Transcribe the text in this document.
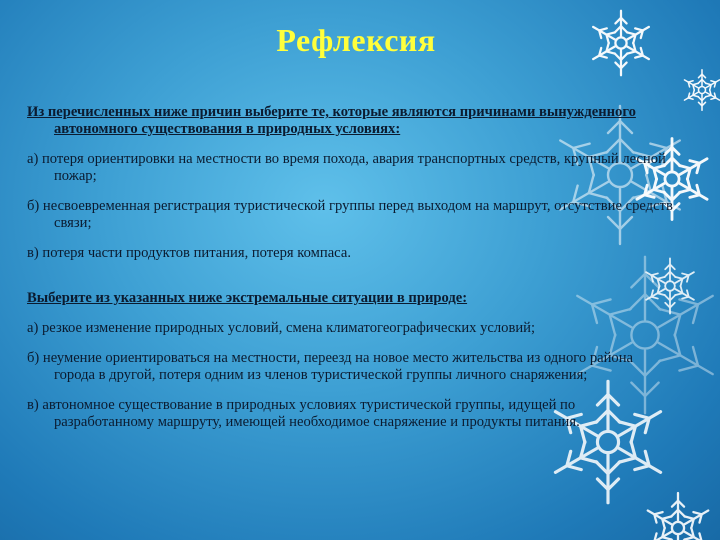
Рефлексия

Из перечисленных ниже причин выберите те, которые являются причинами вынужденного автономного существования в природных условиях:

а) потеря ориентировки на местности во время похода, авария транспортных средств, крупный лесной пожар;

б) несвоевременная регистрация туристической группы перед выходом на маршрут, отсутствие средств связи;

в) потеря части продуктов питания, потеря компаса.

Выберите из указанных ниже экстремальные ситуации в природе:

а) резкое изменение природных условий, смена климатогеографических условий;

б) неумение ориентироваться на местности, переезд на новое место жительства из одного района города в другой, потеря одним из членов туристической группы личного снаряжения;

в) автономное существование в природных условиях туристической группы, идущей по разработанному маршруту, имеющей необходимое снаряжение и продукты питания.
